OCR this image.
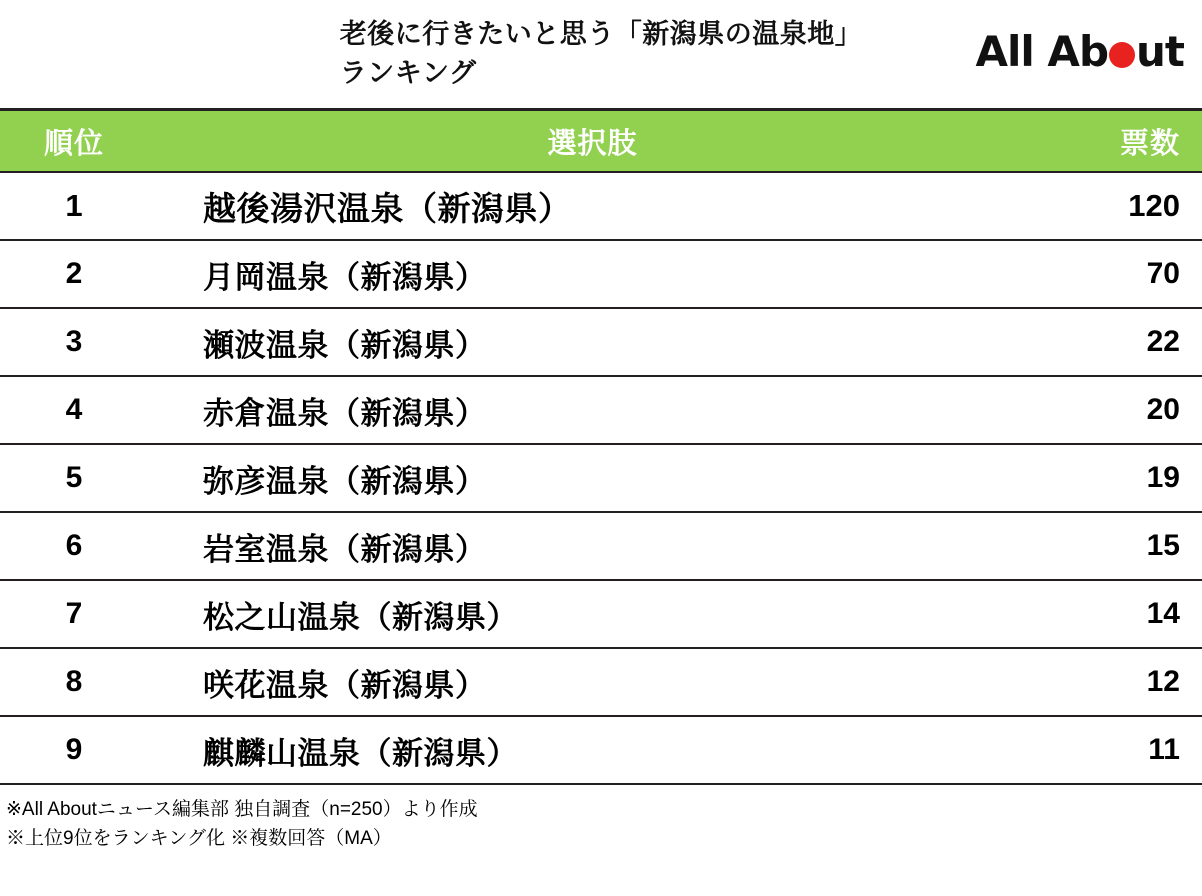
老後に行きたいと思う「新潟県の温泉地」
ランキング	All Ab ut
順位	選択肢	票数
1	越後湯沢温泉（新潟県）	120
2	月岡温泉（新潟県）	70
3	瀬波温泉（新潟県）	22
4	赤倉温泉（新潟県）	20
5	弥彦温泉（新潟県）	19
6	岩室温泉（新潟県）	15
7	松之山温泉（新潟県）	14
8	咲花温泉（新潟県）	12
9	麒麟山温泉（新潟県）	11
※All Aboutニュース編集部 独自調査（n=250）より作成
※上位9位をランキング化 ※複数回答（MA）
